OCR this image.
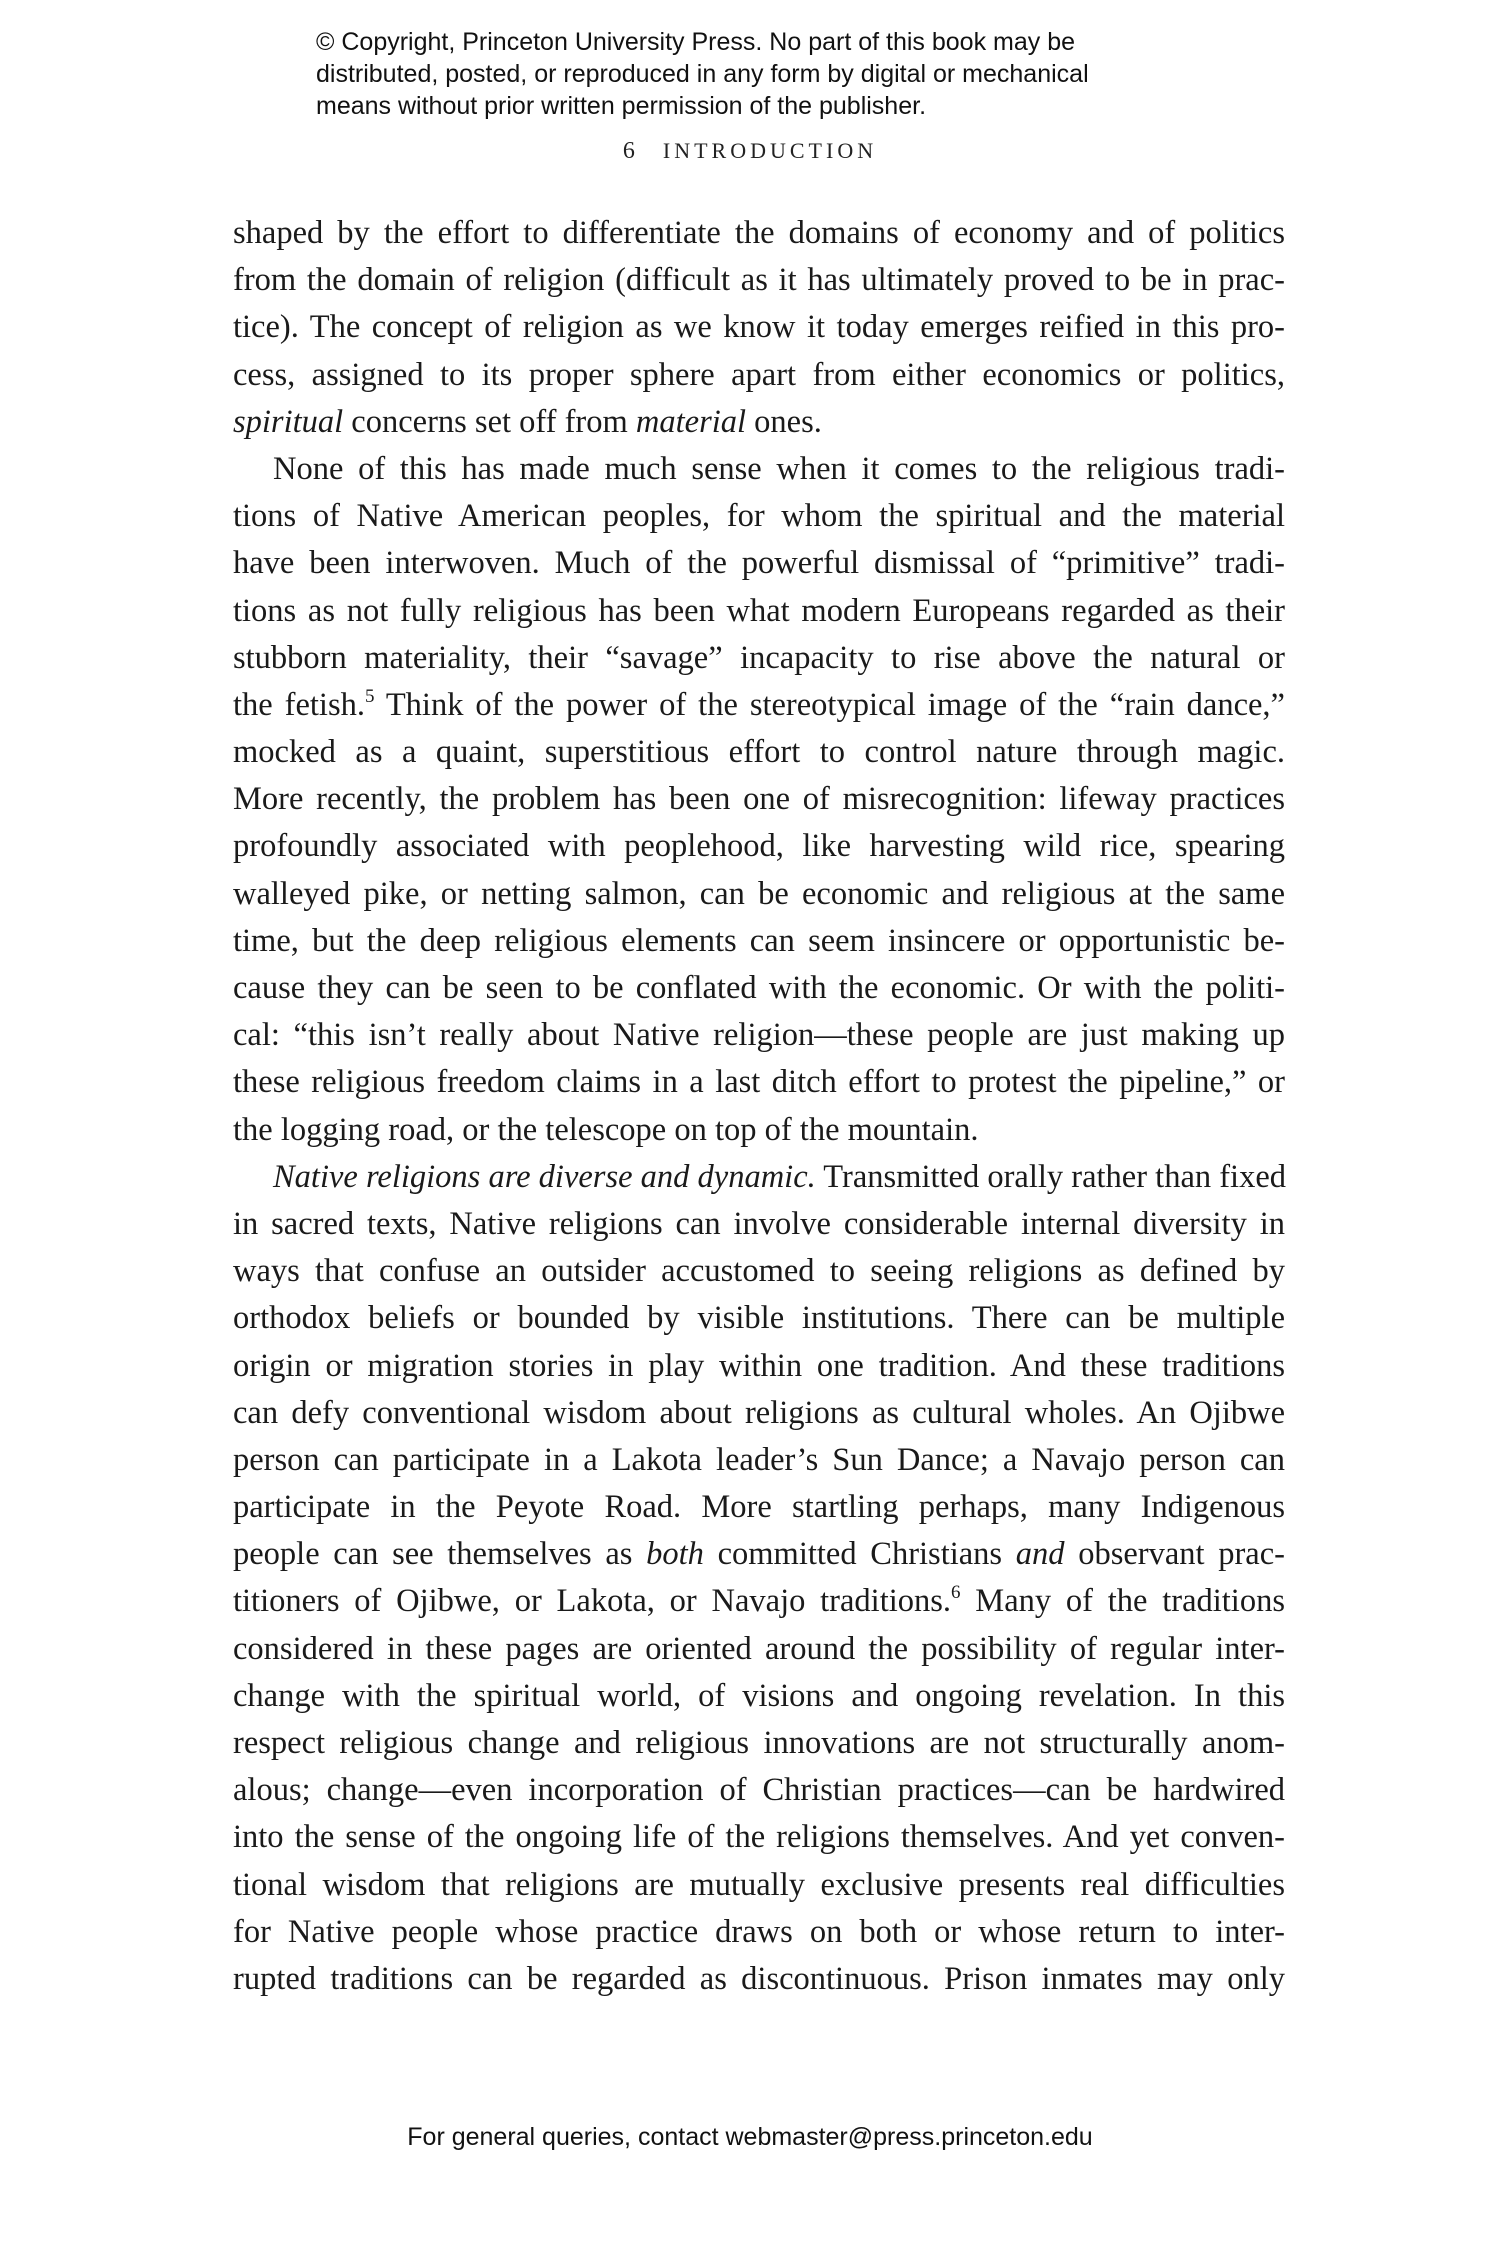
© Copyright, Princeton University Press. No part of this book may be
distributed, posted, or reproduced in any form by digital or mechanical
means without prior written permission of the publisher.
6 INTRODUCTION
shaped by the effort to differentiate the domains of economy and of politics
from the domain of religion (difficult as it has ultimately proved to be in prac-
tice). The concept of religion as we know it today emerges reified in this pro-
cess, assigned to its proper sphere apart from either economics or politics,
spiritual concerns set off from material ones.
None of this has made much sense when it comes to the religious tradi-
tions of Native American peoples, for whom the spiritual and the material
have been interwoven. Much of the powerful dismissal of “primitive” tradi-
tions as not fully religious has been what modern Europeans regarded as their
stubborn materiality, their “savage” incapacity to rise above the natural or
the fetish.$^5$ Think of the power of the stereotypical image of the “rain dance,”
mocked as a quaint, superstitious effort to control nature through magic.
More recently, the problem has been one of misrecognition: lifeway practices
profoundly associated with peoplehood, like harvesting wild rice, spearing
walleyed pike, or netting salmon, can be economic and religious at the same
time, but the deep religious elements can seem insincere or opportunistic be-
cause they can be seen to be conflated with the economic. Or with the politi-
cal: “this isn’t really about Native religion—these people are just making up
these religious freedom claims in a last ditch effort to protest the pipeline,” or
the logging road, or the telescope on top of the mountain.
Native religions are diverse and dynamic. Transmitted orally rather than fixed
in sacred texts, Native religions can involve considerable internal diversity in
ways that confuse an outsider accustomed to seeing religions as defined by
orthodox beliefs or bounded by visible institutions. There can be multiple
origin or migration stories in play within one tradition. And these traditions
can defy conventional wisdom about religions as cultural wholes. An Ojibwe
person can participate in a Lakota leader’s Sun Dance; a Navajo person can
participate in the Peyote Road. More startling perhaps, many Indigenous
people can see themselves as both committed Christians and observant prac-
titioners of Ojibwe, or Lakota, or Navajo traditions.$^6$ Many of the traditions
considered in these pages are oriented around the possibility of regular inter-
change with the spiritual world, of visions and ongoing revelation. In this
respect religious change and religious innovations are not structurally anom-
alous; change—even incorporation of Christian practices—can be hardwired
into the sense of the ongoing life of the religions themselves. And yet conven-
tional wisdom that religions are mutually exclusive presents real difficulties
for Native people whose practice draws on both or whose return to inter-
rupted traditions can be regarded as discontinuous. Prison inmates may only
For general queries, contact webmaster@press.princeton.edu
